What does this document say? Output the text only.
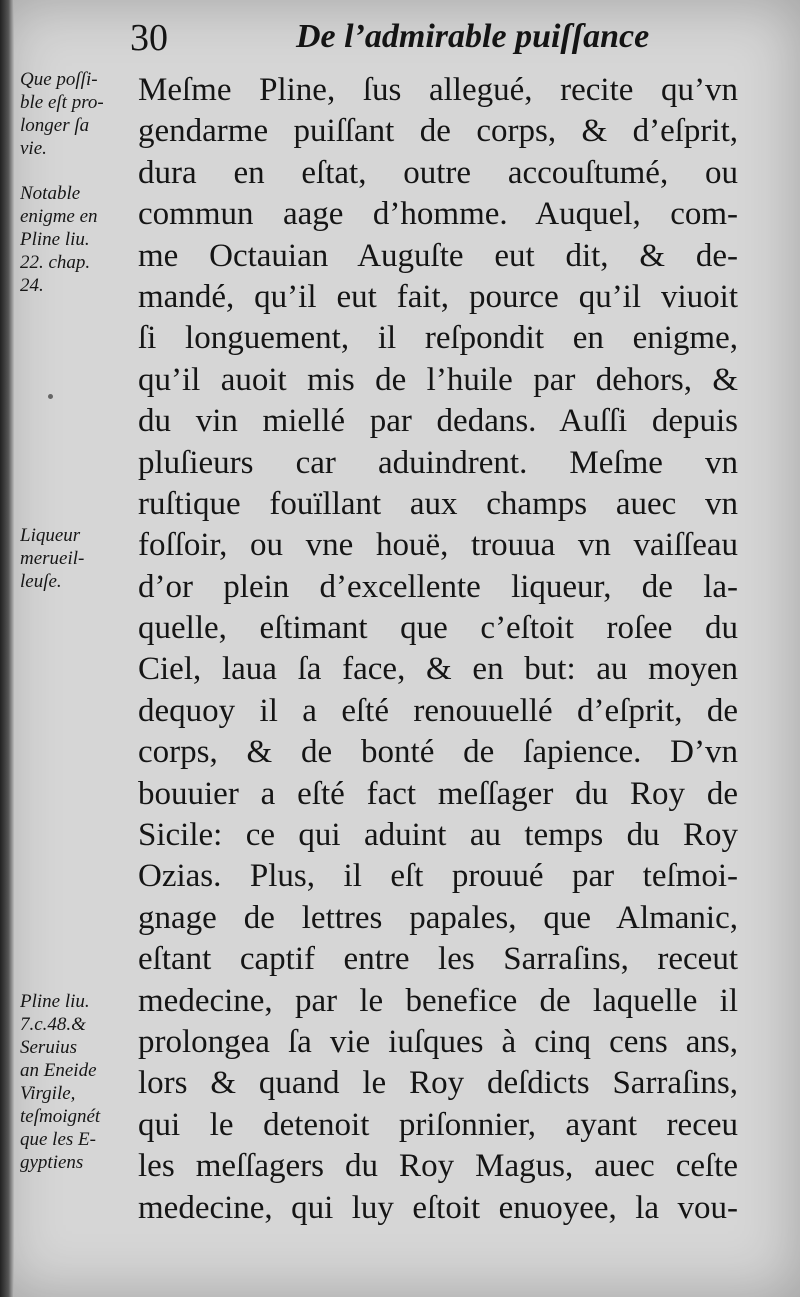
30	De l’admirable puiſſance
Que poſſi-
ble eſt pro-
longer ſa
vie.
Notable
enigme en
Pline liu.
22. chap.
24.
Liqueur
merueil-
leuſe.
Pline liu.
7.c.48.&
Seruius
an Eneide
Virgile,
teſmoignét
que les E-
gyptiens
Meſme Pline, ſus allegué, recite qu’vn
gendarme puiſſant de corps, & d’eſprit,
dura en eſtat, outre accouſtumé, ou
commun aage d’homme. Auquel, com-
me Octauian Auguſte eut dit, & de-
mandé, qu’il eut fait, pource qu’il viuoit
ſi longuement, il reſpondit en enigme,
qu’il auoit mis de l’huile par dehors, &
du vin miellé par dedans. Auſſi depuis
pluſieurs car aduindrent. Meſme vn
ruſtique fouïllant aux champs auec vn
foſſoir, ou vne houë, trouua vn vaiſſeau
d’or plein d’excellente liqueur, de la-
quelle, eſtimant que c’eſtoit roſee du
Ciel, laua ſa face, & en but: au moyen
dequoy il a eſté renouuellé d’eſprit, de
corps, & de bonté de ſapience. D’vn
bouuier a eſté fact meſſager du Roy de
Sicile: ce qui aduint au temps du Roy
Ozias. Plus, il eſt prouué par teſmoi-
gnage de lettres papales, que Almanic,
eſtant captif entre les Sarraſins, receut
medecine, par le benefice de laquelle il
prolongea ſa vie iuſques à cinq cens ans,
lors & quand le Roy deſdicts Sarraſins,
qui le detenoit priſonnier, ayant receu
les meſſagers du Roy Magus, auec ceſte
medecine, qui luy eſtoit enuoyee, la vou-
